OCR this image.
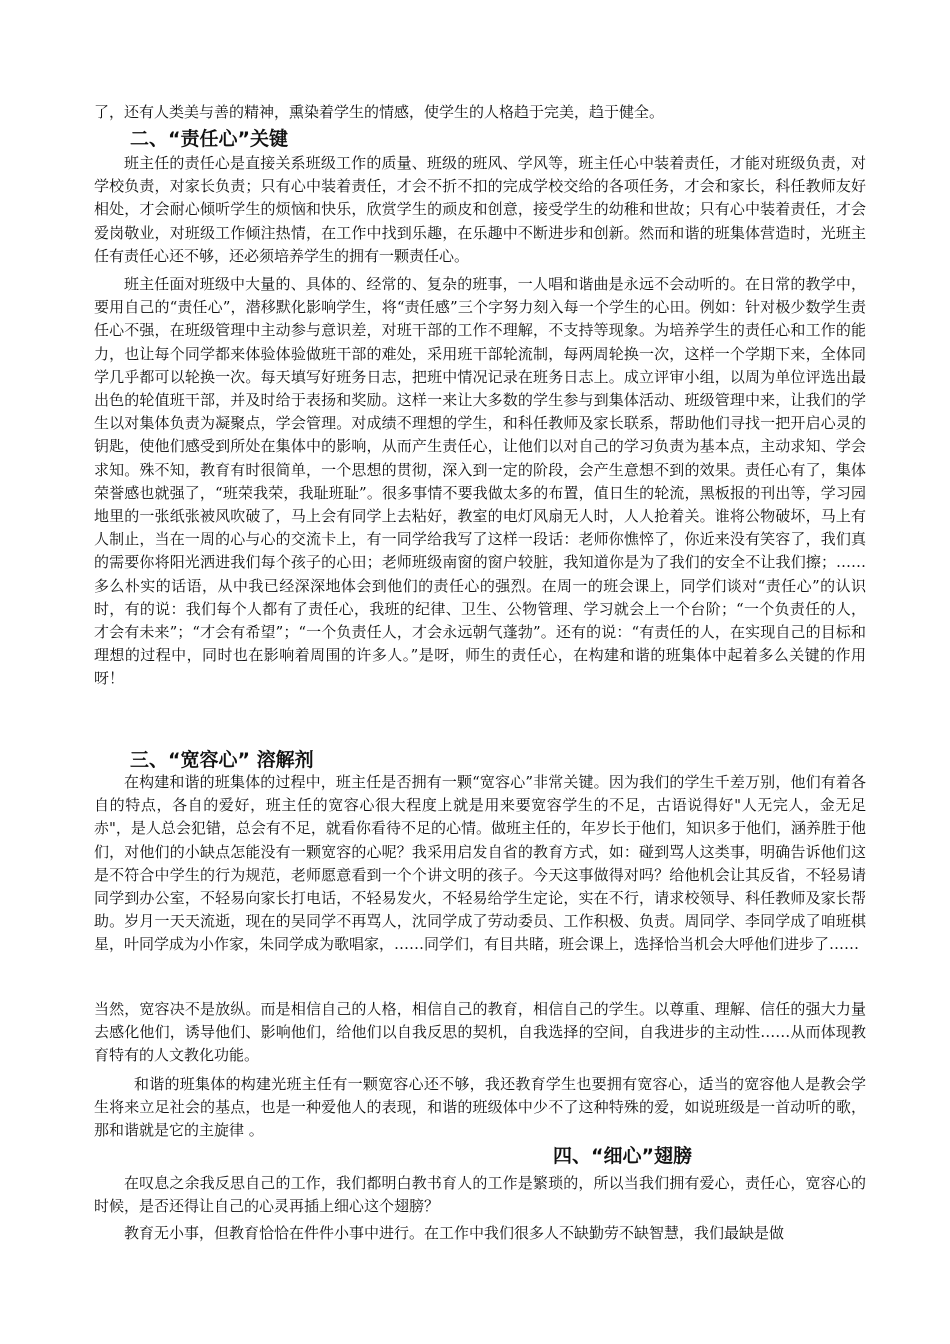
了，还有人类美与善的精神，熏染着学生的情感，使学生的人格趋于完美，趋于健全。

二、“责任心”关键

班主任的责任心是直接关系班级工作的质量、班级的班风、学风等，班主任心中装着责任，才能对班级负责，对学校负责，对家长负责；只有心中装着责任，才会不折不扣的完成学校交给的各项任务，才会和家长，科任教师友好相处，才会耐心倾听学生的烦恼和快乐，欣赏学生的顽皮和创意，接受学生的幼稚和世故；只有心中装着责任，才会爱岗敬业，对班级工作倾注热情，在工作中找到乐趣，在乐趣中不断进步和创新。然而和谐的班集体营造时，光班主任有责任心还不够，还必须培养学生的拥有一颗责任心。

班主任面对班级中大量的、具体的、经常的、复杂的班事，一人唱和谐曲是永远不会动听的。在日常的教学中，要用自己的“责任心”，潜移默化影响学生，将“责任感”三个字努力刻入每一个学生的心田。例如：针对极少数学生责任心不强，在班级管理中主动参与意识差，对班干部的工作不理解，不支持等现象。为培养学生的责任心和工作的能力，也让每个同学都来体验体验做班干部的难处，采用班干部轮流制，每两周轮换一次，这样一个学期下来，全体同学几乎都可以轮换一次。每天填写好班务日志，把班中情况记录在班务日志上。成立评审小组，以周为单位评选出最出色的轮值班干部，并及时给于表扬和奖励。这样一来让大多数的学生参与到集体活动、班级管理中来，让我们的学生以对集体负责为凝聚点，学会管理。对成绩不理想的学生，和科任教师及家长联系，帮助他们寻找一把开启心灵的钥匙，使他们感受到所处在集体中的影响，从而产生责任心，让他们以对自己的学习负责为基本点，主动求知、学会求知。殊不知，教育有时很简单，一个思想的贯彻，深入到一定的阶段，会产生意想不到的效果。责任心有了，集体荣誉感也就强了，“班荣我荣，我耻班耻”。很多事情不要我做太多的布置，值日生的轮流，黑板报的刊出等，学习园地里的一张纸张被风吹破了，马上会有同学上去粘好，教室的电灯风扇无人时，人人抢着关。谁将公物破坏，马上有人制止，当在一周的心与心的交流卡上，有一同学给我写了这样一段话：老师你憔悴了，你近来没有笑容了，我们真的需要你将阳光洒进我们每个孩子的心田；老师班级南窗的窗户较脏，我知道你是为了我们的安全不让我们擦；……多么朴实的话语，从中我已经深深地体会到他们的责任心的强烈。在周一的班会课上，同学们谈对“责任心”的认识时，有的说：我们每个人都有了责任心，我班的纪律、卫生、公物管理、学习就会上一个台阶；“一个负责任的人，才会有未来”；“才会有希望”；“一个负责任人，才会永远朝气蓬勃”。还有的说：“有责任的人，在实现自己的目标和理想的过程中，同时也在影响着周围的许多人。”是呀，师生的责任心，在构建和谐的班集体中起着多么关键的作用呀！

三、“宽容心” 溶解剂

在构建和谐的班集体的过程中，班主任是否拥有一颗“宽容心”非常关键。因为我们的学生千差万别，他们有着各自的特点，各自的爱好，班主任的宽容心很大程度上就是用来要宽容学生的不足，古语说得好"人无完人，金无足赤"，是人总会犯错，总会有不足，就看你看待不足的心情。做班主任的，年岁长于他们，知识多于他们，涵养胜于他们，对他们的小缺点怎能没有一颗宽容的心呢？我采用启发自省的教育方式，如：碰到骂人这类事，明确告诉他们这是不符合中学生的行为规范，老师愿意看到一个个讲文明的孩子。今天这事做得对吗？给他机会让其反省，不轻易请同学到办公室，不轻易向家长打电话，不轻易发火，不轻易给学生定论，实在不行，请求校领导、科任教师及家长帮助。岁月一天天流逝，现在的吴同学不再骂人，沈同学成了劳动委员、工作积极、负责。周同学、李同学成了咱班棋星，叶同学成为小作家，朱同学成为歌唱家，……同学们，有目共睹，班会课上，选择恰当机会大呼他们进步了……

当然，宽容决不是放纵。而是相信自己的人格，相信自己的教育，相信自己的学生。以尊重、理解、信任的强大力量去感化他们，诱导他们、影响他们，给他们以自我反思的契机，自我选择的空间，自我进步的主动性……从而体现教育特有的人文教化功能。

和谐的班集体的构建光班主任有一颗宽容心还不够，我还教育学生也要拥有宽容心，适当的宽容他人是教会学生将来立足社会的基点，也是一种爱他人的表现，和谐的班级体中少不了这种特殊的爱，如说班级是一首动听的歌，那和谐就是它的主旋律 。

四、“细心”翅膀

在叹息之余我反思自己的工作，我们都明白教书育人的工作是繁琐的，所以当我们拥有爱心，责任心，宽容心的时候，是否还得让自己的心灵再插上细心这个翅膀？

教育无小事，但教育恰恰在件件小事中进行。在工作中我们很多人不缺勤劳不缺智慧，我们最缺是做
